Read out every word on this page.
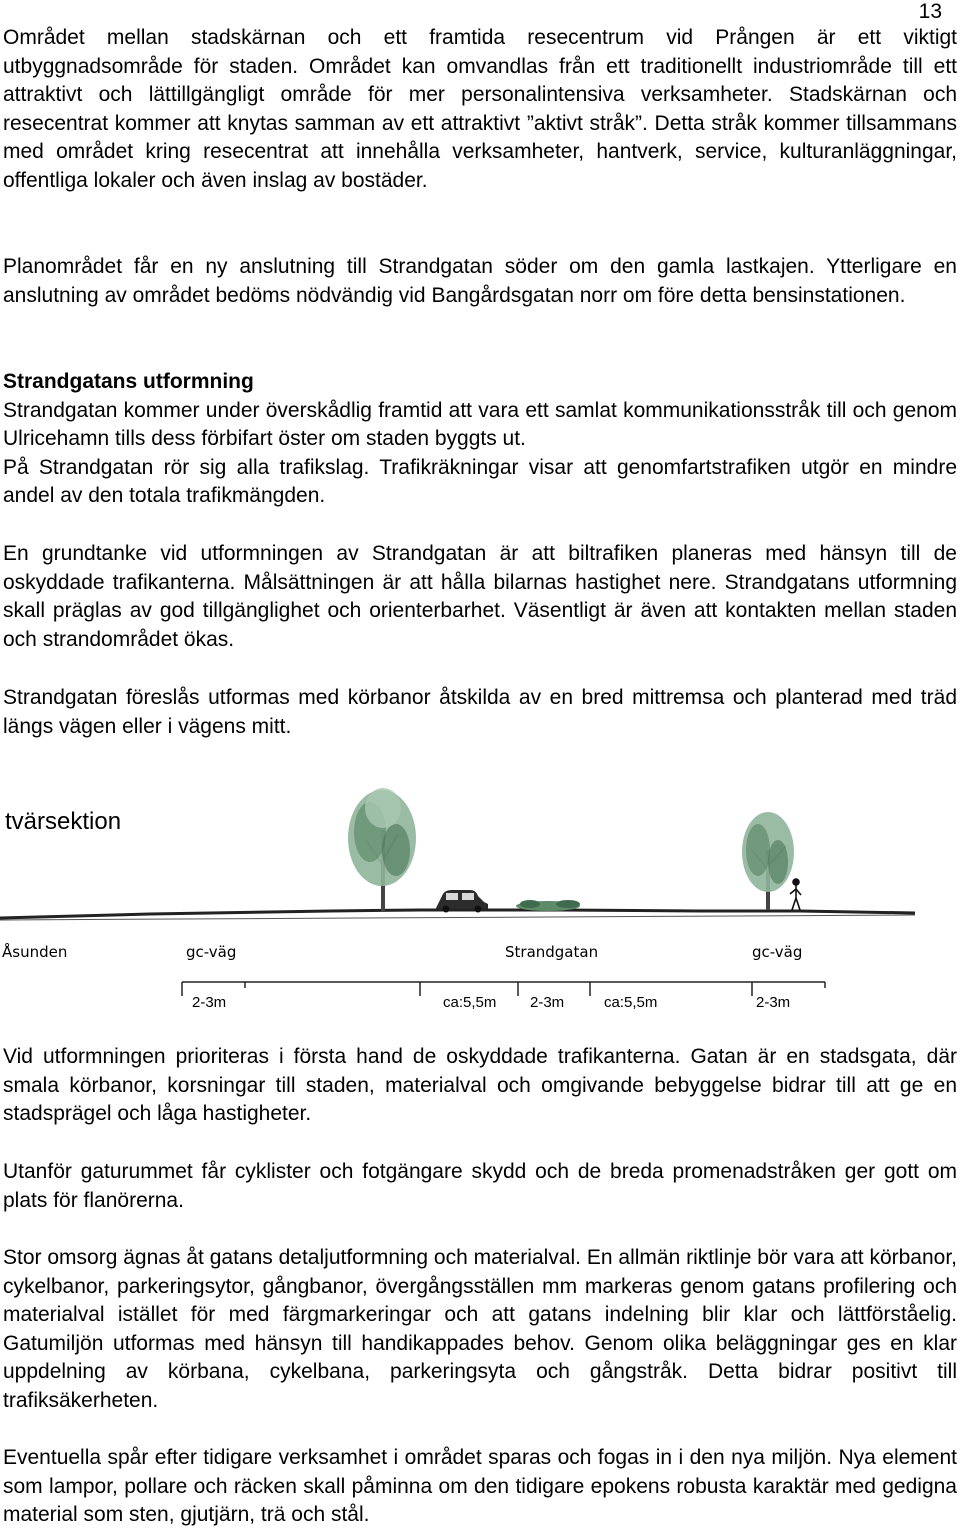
13

Området mellan stadskärnan och ett framtida resecentrum vid Prången är ett viktigt utbyggnadsområde för staden. Området kan omvandlas från ett traditionellt industriområde till ett attraktivt och lättillgängligt område för mer personalintensiva verksamheter. Stadskärnan och resecentrat kommer att knytas samman av ett attraktivt ”aktivt stråk”. Detta stråk kommer tillsammans med området kring resecentrat att innehålla verksamheter, hantverk, service, kulturanläggningar, offentliga lokaler och även inslag av bostäder.

Planområdet får en ny anslutning till Strandgatan söder om den gamla lastkajen. Ytterligare en anslutning av området bedöms nödvändig vid Bangårdsgatan norr om före detta bensinstationen.

Strandgatans utformning
Strandgatan kommer under överskådlig framtid att vara ett samlat kommunikationsstråk till och genom Ulricehamn tills dess förbifart öster om staden byggts ut.
På Strandgatan rör sig alla trafikslag. Trafikräkningar visar att genomfartstrafiken utgör en mindre andel av den totala trafikmängden.

En grundtanke vid utformningen av Strandgatan är att biltrafiken planeras med hänsyn till de oskyddade trafikanterna. Målsättningen är att hålla bilarnas hastighet nere. Strandgatans utformning skall präglas av god tillgänglighet och orienterbarhet. Väsentligt är även att kontakten mellan staden och strandområdet ökas.

Strandgatan föreslås utformas med körbanor åtskilda av en bred mittremsa och planterad med träd längs vägen eller i vägens mitt.

tvärsektion
Åsunden	gc-väg	Strandgatan	gc-väg
2-3m	ca:5,5m 2-3m	ca:5,5m	2-3m

Vid utformningen prioriteras i första hand de oskyddade trafikanterna. Gatan är en stadsgata, där smala körbanor, korsningar till staden, materialval och omgivande bebyggelse bidrar till att ge en stadsprägel och låga hastigheter.

Utanför gaturummet får cyklister och fotgängare skydd och de breda promenadstråken ger gott om plats för flanörerna.

Stor omsorg ägnas åt gatans detaljutformning och materialval. En allmän riktlinje bör vara att körbanor, cykelbanor, parkeringsytor, gångbanor, övergångsställen mm markeras genom gatans profilering och materialval istället för med färgmarkeringar och att gatans indelning blir klar och lättförståelig. Gatumiljön utformas med hänsyn till handikappades behov. Genom olika beläggningar ges en klar uppdelning av körbana, cykelbana, parkeringsyta och gångstråk. Detta bidrar positivt till trafiksäkerheten.

Eventuella spår efter tidigare verksamhet i området sparas och fogas in i den nya miljön. Nya element som lampor, pollare och räcken skall påminna om den tidigare epokens robusta karaktär med gedigna material som sten, gjutjärn, trä och stål.
